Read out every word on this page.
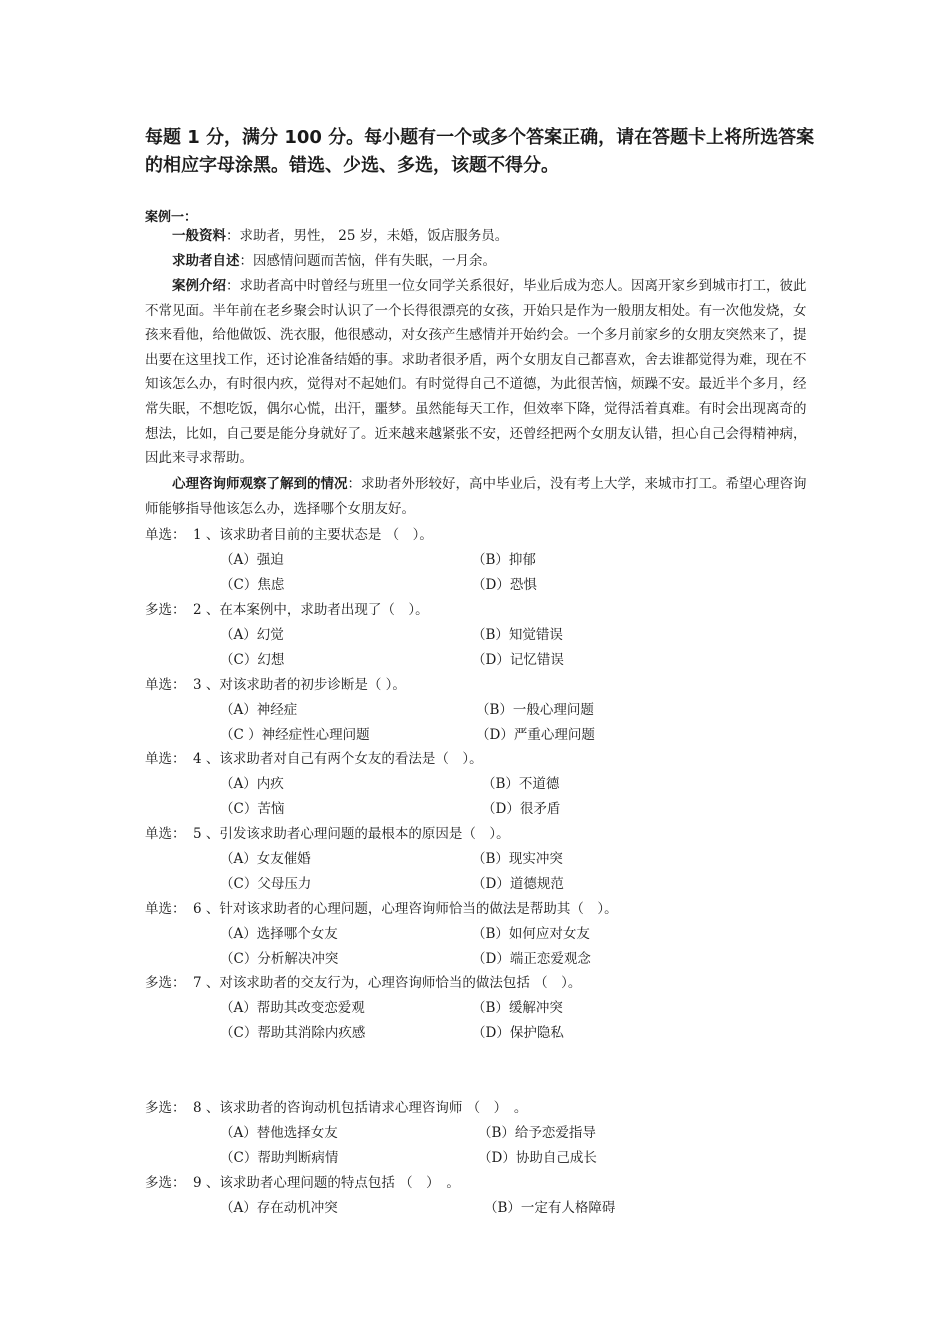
每题 1 分，满分 100 分。每小题有一个或多个答案正确，请在答题卡上将所选答案的相应字母涂黑。错选、少选、多选，该题不得分。

案例一：

一般资料：求助者，男性， 25 岁，未婚，饭店服务员。

求助者自述：因感情问题而苦恼，伴有失眠，一月余。

案例介绍：求助者高中时曾经与班里一位女同学关系很好，毕业后成为恋人。因离开家乡到城市打工，彼此不常见面。半年前在老乡聚会时认识了一个长得很漂亮的女孩，开始只是作为一般朋友相处。有一次他发烧，女孩来看他，给他做饭、洗衣服，他很感动，对女孩产生感情并开始约会。一个多月前家乡的女朋友突然来了，提出要在这里找工作，还讨论准备结婚的事。求助者很矛盾，两个女朋友自己都喜欢，舍去谁都觉得为难，现在不知该怎么办，有时很内疚，觉得对不起她们。有时觉得自己不道德，为此很苦恼，烦躁不安。最近半个多月，经常失眠，不想吃饭，偶尔心慌，出汗，噩梦。虽然能每天工作，但效率下降，觉得活着真难。有时会出现离奇的想法，比如，自己要是能分身就好了。近来越来越紧张不安，还曾经把两个女朋友认错，担心自己会得精神病，因此来寻求帮助。

心理咨询师观察了解到的情况：求助者外形较好，高中毕业后，没有考上大学，来城市打工。希望心理咨询师能够指导他该怎么办，选择哪个女朋友好。

单选： 1 、该求助者目前的主要状态是 （　）。
（A）强迫	（B）抑郁
（C）焦虑	（D）恐惧
多选： 2 、在本案例中，求助者出现了（　）。
（A）幻觉	（B）知觉错误
（C）幻想	（D）记忆错误
单选： 3 、对该求助者的初步诊断是（ ）。
（A）神经症	（B）一般心理问题
（C ）神经症性心理问题	（D）严重心理问题
单选： 4 、该求助者对自己有两个女友的看法是（　）。
（A）内疚	（B）不道德
（C）苦恼	（D）很矛盾
单选： 5 、引发该求助者心理问题的最根本的原因是（　）。
（A）女友催婚	（B）现实冲突
（C）父母压力	（D）道德规范
单选： 6 、针对该求助者的心理问题，心理咨询师恰当的做法是帮助其（　）。
（A）选择哪个女友	（B）如何应对女友
（C）分析解决冲突	（D）端正恋爱观念
多选： 7 、对该求助者的交友行为，心理咨询师恰当的做法包括 （　）。
（A）帮助其改变恋爱观	（B）缓解冲突
（C）帮助其消除内疚感	（D）保护隐私
多选： 8 、该求助者的咨询动机包括请求心理咨询师 （　）　。
（A）替他选择女友	（B）给予恋爱指导
（C）帮助判断病情	（D）协助自己成长
多选： 9 、该求助者心理问题的特点包括 （　）　。
（A）存在动机冲突	（B）一定有人格障碍
